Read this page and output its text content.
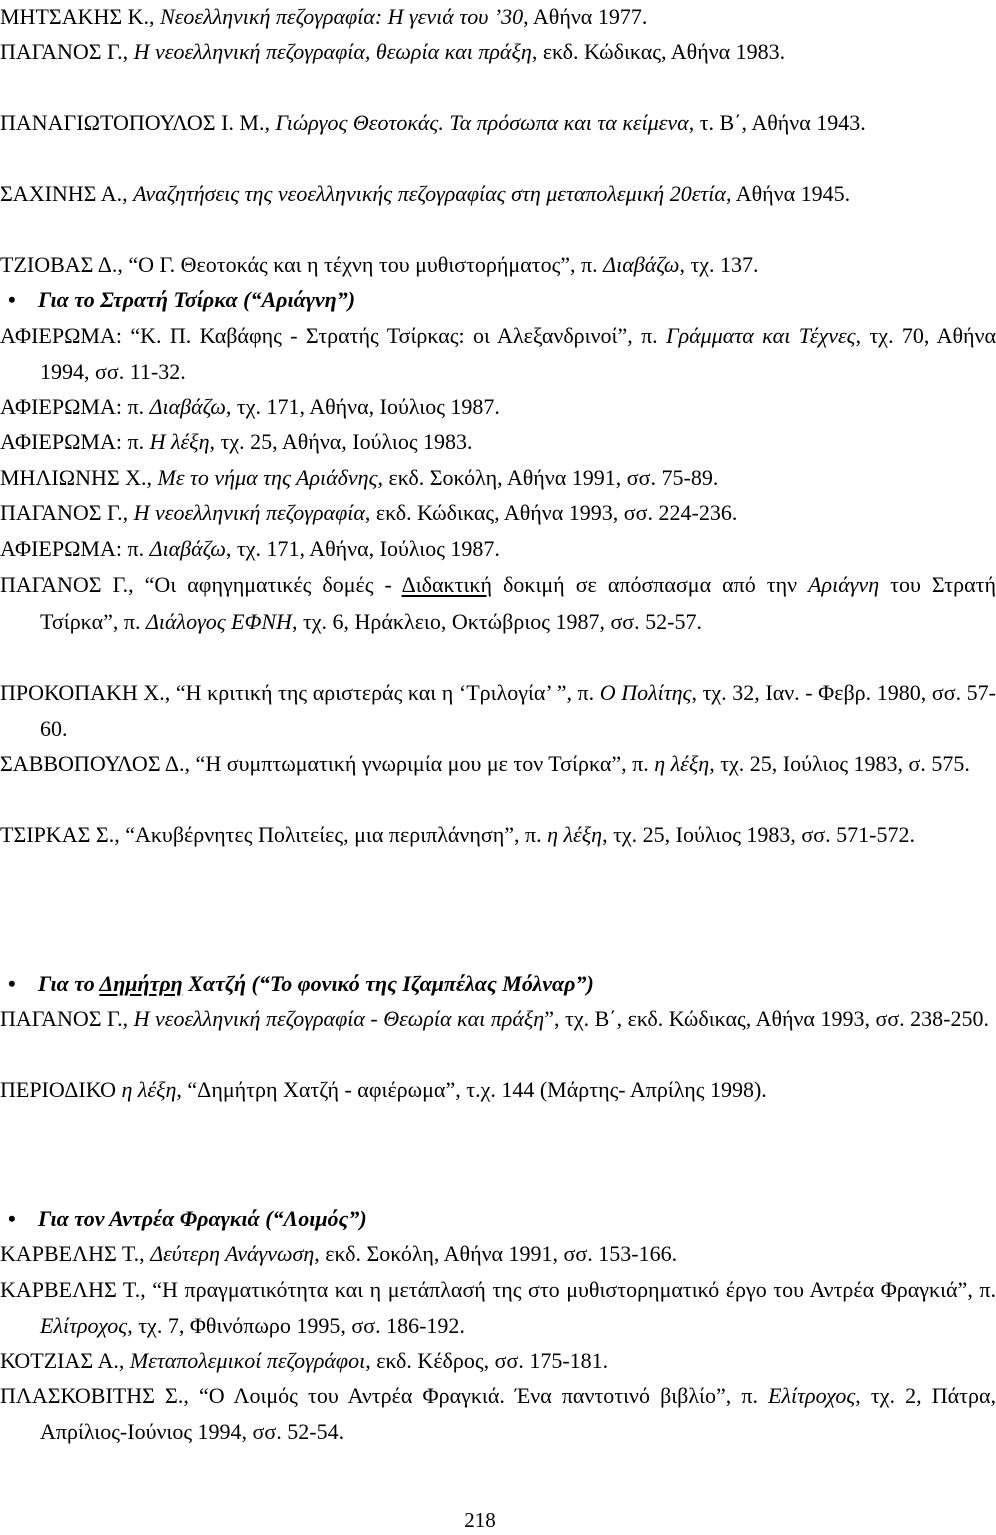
ΜΗΤΣΑΚΗΣ Κ., Νεοελληνική πεζογραφία: Η γενιά του ’30, Αθήνα 1977.

ΠΑΓΑΝΟΣ Γ., Η νεοελληνική πεζογραφία, θεωρία και πράξη, εκδ. Κώδικας, Αθήνα 1983.

ΠΑΝΑΓΙΩΤΟΠΟΥΛΟΣ Ι. Μ., Γιώργος Θεοτοκάς. Τα πρόσωπα και τα κείμενα, τ. Β΄, Αθήνα 1943.

ΣΑΧΙΝΗΣ Α., Αναζητήσεις της νεοελληνικής πεζογραφίας στη μεταπολεμική 20ετία, Αθήνα 1945.

ΤΖΙΟΒΑΣ Δ., “Ο Γ. Θεοτοκάς και η τέχνη του μυθιστορήματος”, π. Διαβάζω, τχ. 137.

• Για το Στρατή Τσίρκα (“Αριάγνη”)

ΑΦΙΕΡΩΜΑ: “Κ. Π. Καβάφης - Στρατής Τσίρκας: οι Αλεξανδρινοί”, π. Γράμματα και Τέχνες, τχ. 70, Αθήνα 1994, σσ. 11-32.

ΑΦΙΕΡΩΜΑ: π. Διαβάζω, τχ. 171, Αθήνα, Ιούλιος 1987.

ΑΦΙΕΡΩΜΑ: π. Η λέξη, τχ. 25, Αθήνα, Ιούλιος 1983.

ΜΗΛΙΩΝΗΣ Χ., Με το νήμα της Αριάδνης, εκδ. Σοκόλη, Αθήνα 1991, σσ. 75-89.

ΠΑΓΑΝΟΣ Γ., Η νεοελληνική πεζογραφία, εκδ. Κώδικας, Αθήνα 1993, σσ. 224-236.

ΑΦΙΕΡΩΜΑ: π. Διαβάζω, τχ. 171, Αθήνα, Ιούλιος 1987.

ΠΑΓΑΝΟΣ Γ., “Οι αφηγηματικές δομές - Διδακτική δοκιμή σε απόσπασμα από την Αριάγνη του Στρατή Τσίρκα”, π. Διάλογος ΕΦΝΗ, τχ. 6, Ηράκλειο, Οκτώβριος 1987, σσ. 52-57.

ΠΡΟΚΟΠΑΚΗ Χ., “Η κριτική της αριστεράς και η ‘Τριλογία’ ”, π. Ο Πολίτης, τχ. 32, Ιαν. - Φεβρ. 1980, σσ. 57-60.

ΣΑΒΒΟΠΟΥΛΟΣ Δ., “Η συμπτωματική γνωριμία μου με τον Τσίρκα”, π. η λέξη, τχ. 25, Ιούλιος 1983, σ. 575.

ΤΣΙΡΚΑΣ Σ., “Ακυβέρνητες Πολιτείες, μια περιπλάνηση”, π. η λέξη, τχ. 25, Ιούλιος 1983, σσ. 571-572.

• Για το Δημήτρη Χατζή (“Το φονικό της Ιζαμπέλας Μόλναρ”)

ΠΑΓΑΝΟΣ Γ., Η νεοελληνική πεζογραφία - Θεωρία και πράξη”, τχ. Β΄, εκδ. Κώδικας, Αθήνα 1993, σσ. 238-250.

ΠΕΡΙΟΔΙΚΟ η λέξη, “Δημήτρη Χατζή - αφιέρωμα”, τ.χ. 144 (Μάρτης- Απρίλης 1998).

• Για τον Αντρέα Φραγκιά (“Λοιμός”)

ΚΑΡΒΕΛΗΣ Τ., Δεύτερη Ανάγνωση, εκδ. Σοκόλη, Αθήνα 1991, σσ. 153-166.

ΚΑΡΒΕΛΗΣ Τ., “Η πραγματικότητα και η μετάπλασή της στο μυθιστορηματικό έργο του Αντρέα Φραγκιά”, π. Ελίτροχος, τχ. 7, Φθινόπωρο 1995, σσ. 186-192.

ΚΟΤΖΙΑΣ Α., Μεταπολεμικοί πεζογράφοι, εκδ. Κέδρος, σσ. 175-181.

ΠΛΑΣΚΟΒΙΤΗΣ Σ., “Ο Λοιμός του Αντρέα Φραγκιά. Ένα παντοτινό βιβλίο”, π. Ελίτροχος, τχ. 2, Πάτρα, Απρίλιος-Ιούνιος 1994, σσ. 52-54.

218
